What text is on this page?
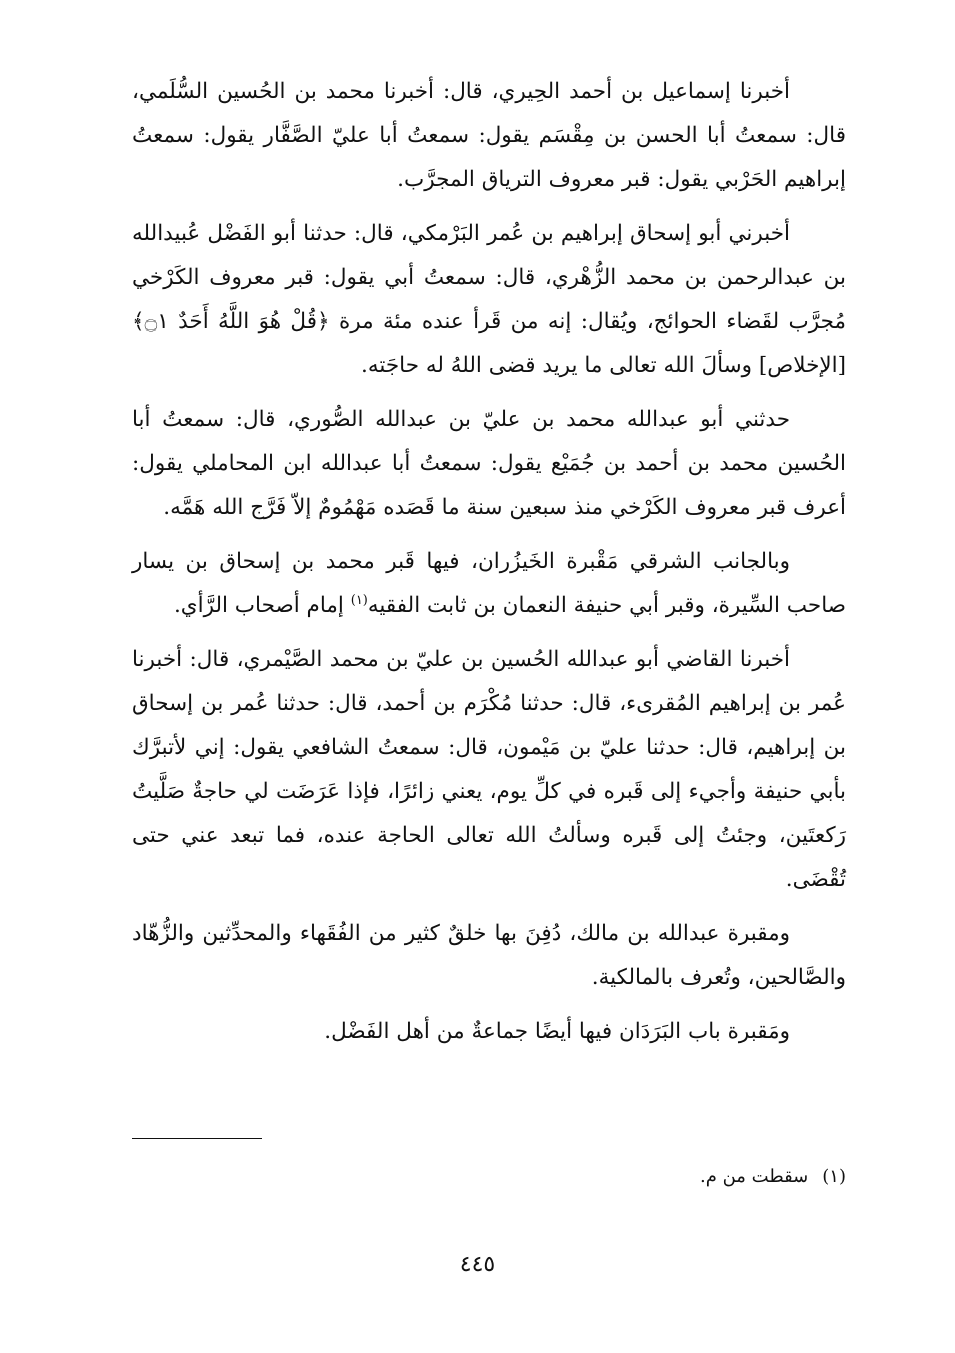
أخبرنا إسماعيل بن أحمد الحِيري، قال: أخبرنا محمد بن الحُسين السُّلَمي، قال: سمعتُ أبا الحسن بن مِقْسَم يقول: سمعتُ أبا عليّ الصَّفَّار يقول: سمعتُ إبراهيم الحَرْبي يقول: قبر معروف الترياق المجرَّب.

أخبرني أبو إسحاق إبراهيم بن عُمر البَرْمكي، قال: حدثنا أبو الفَضْل عُبيدالله بن عبدالرحمن بن محمد الزُّهْري، قال: سمعتُ أبي يقول: قبر معروف الكَرْخي مُجرَّب لقَضاء الحوائج، ويُقال: إنه من قَرأ عنده مئة مرة ﴿قُلْ هُوَ اللَّهُ أَحَدٌ ۝١﴾ [الإخلاص] وسألَ الله تعالى ما يريد قضى اللهُ له حاجَته.

حدثني أبو عبدالله محمد بن عليّ بن عبدالله الصُّوري، قال: سمعتُ أبا الحُسين محمد بن أحمد بن جُمَيْع يقول: سمعتُ أبا عبدالله ابن المحاملي يقول: أعرف قبر معروف الكَرْخي منذ سبعين سنة ما قَصَده مَهْمُومٌ إلاّ فَرَّج الله هَمَّه.

وبالجانب الشرقي مَقْبرة الخَيزُران، فيها قَبر محمد بن إسحاق بن يسار صاحب السِّيرة، وقبر أبي حنيفة النعمان بن ثابت الفقيه$^{(١)}$ إمام أصحاب الرَّأي.

أخبرنا القاضي أبو عبدالله الحُسين بن عليّ بن محمد الصَّيْمري، قال: أخبرنا عُمر بن إبراهيم المُقرىء، قال: حدثنا مُكْرَم بن أحمد، قال: حدثنا عُمر بن إسحاق بن إبراهيم، قال: حدثنا عليّ بن مَيْمون، قال: سمعتُ الشافعي يقول: إني لأتبرَّك بأبي حنيفة وأجيء إلى قَبره في كلِّ يوم، يعني زائرًا، فإذا عَرَضَت لي حاجةٌ صَلَّيتُ رَكعتَين، وجئتُ إلى قَبره وسألتُ الله تعالى الحاجة عنده، فما تبعد عني حتى تُقْضَى.

ومقبرة عبدالله بن مالك، دُفِنَ بها خلقٌ كثير من الفُقَهاء والمحدِّثين والزُّهّاد والصَّالحين، وتُعرف بالمالكية.

ومَقبرة باب البَرَدَان فيها أيضًا جماعةٌ من أهل الفَضْل.

(١)سقطت من م.
٤٤٥
